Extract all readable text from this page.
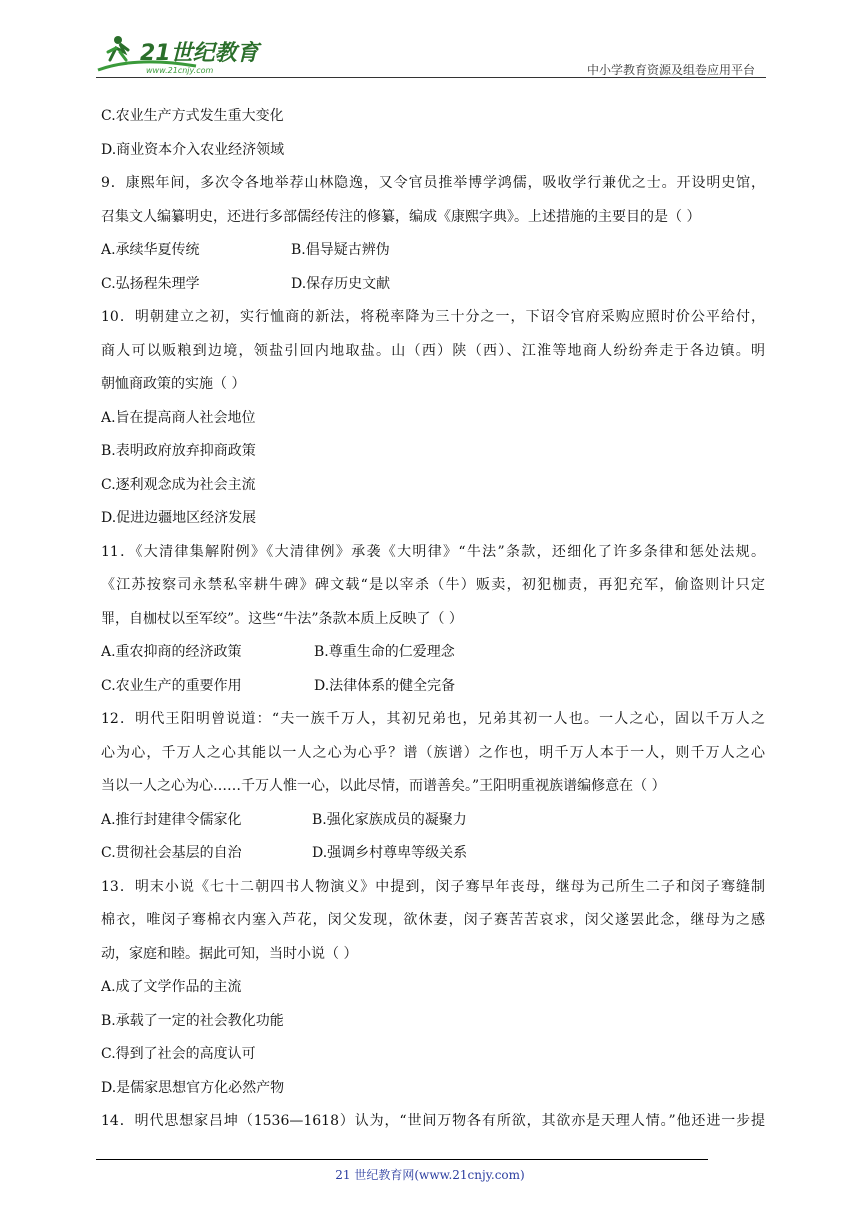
21世纪教育
www.21cnjy.com	中小学教育资源及组卷应用平台
C.农业生产方式发生重大变化
D.商业资本介入农业经济领域
9．康熙年间，多次令各地举荐山林隐逸，又令官员推举博学鸿儒，吸收学行兼优之士。开设明史馆，
召集文人编纂明史，还进行多部儒经传注的修纂，编成《康熙字典》。上述措施的主要目的是（ ）
A.承续华夏传统	B.倡导疑古辨伪
C.弘扬程朱理学	D.保存历史文献
10．明朝建立之初，实行恤商的新法，将税率降为三十分之一，下诏令官府采购应照时价公平给付，
商人可以贩粮到边境，领盐引回内地取盐。山（西）陕（西）、江淮等地商人纷纷奔走于各边镇。明
朝恤商政策的实施（ ）
A.旨在提高商人社会地位
B.表明政府放弃抑商政策
C.逐利观念成为社会主流
D.促进边疆地区经济发展
11．《大清律集解附例》《大清律例》承袭《大明律》“牛法”条款，还细化了许多条律和惩处法规。
《江苏按察司永禁私宰耕牛碑》碑文载“是以宰杀（牛）贩卖，初犯枷责，再犯充军，偷盗则计只定
罪，自枷杖以至军绞”。这些“牛法”条款本质上反映了（ ）
A.重农抑商的经济政策	B.尊重生命的仁爱理念
C.农业生产的重要作用	D.法律体系的健全完备
12．明代王阳明曾说道：“夫一族千万人，其初兄弟也，兄弟其初一人也。一人之心，固以千万人之
心为心，千万人之心其能以一人之心为心乎？谱（族谱）之作也，明千万人本于一人，则千万人之心
当以一人之心为心……千万人惟一心，以此尽情，而谱善矣。”王阳明重视族谱编修意在（ ）
A.推行封建律令儒家化	B.强化家族成员的凝聚力
C.贯彻社会基层的自治	D.强调乡村尊卑等级关系
13．明末小说《七十二朝四书人物演义》中提到，闵子骞早年丧母，继母为己所生二子和闵子骞缝制
棉衣，唯闵子骞棉衣内塞入芦花，闵父发现，欲休妻，闵子赛苦苦哀求，闵父遂罢此念，继母为之感
动，家庭和睦。据此可知，当时小说（ ）
A.成了文学作品的主流
B.承载了一定的社会教化功能
C.得到了社会的高度认可
D.是儒家思想官方化必然产物
14．明代思想家吕坤（1536—1618）认为，“世间万物各有所欲，其欲亦是天理人情。”他还进一步提
21 世纪教育网(www.21cnjy.com)
